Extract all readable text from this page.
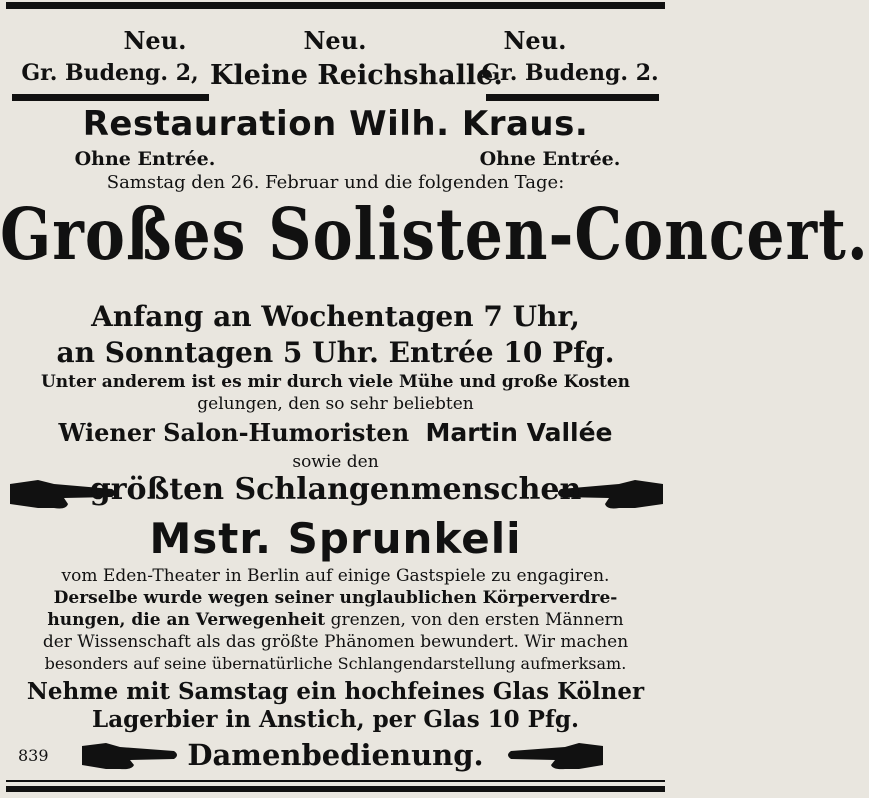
Neu.	Neu.	Neu.
Gr. Budeng. 2, Kleine Reichshalle.
Gr. Budeng. 2.
Restauration Wilh. Kraus.
Ohne Entrée.	Ohne Entrée.
Samstag den 26. Februar und die folgenden Tage:
Großes Solisten-Concert.
Anfang an Wochentagen 7 Uhr,
an Sonntagen 5 Uhr. Entrée 10 Pfg.
Unter anderem ist es mir durch viele Mühe und große Kosten
gelungen, den so sehr beliebten
Wiener Salon-Humoristen Martin Vallée
sowie den
größten Schlangenmenschen
Mstr. Sprunkeli
vom Eden-Theater in Berlin auf einige Gastspiele zu engagiren.
Derselbe wurde wegen seiner unglaublichen Körperverdre-
hungen, die an Verwegenheit grenzen, von den ersten Männern
der Wissenschaft als das größte Phänomen bewundert. Wir machen
besonders auf seine übernatürliche Schlangendarstellung aufmerksam.
Nehme mit Samstag ein hochfeines Glas Kölner
Lagerbier in Anstich, per Glas 10 Pfg.
839	Damenbedienung.
